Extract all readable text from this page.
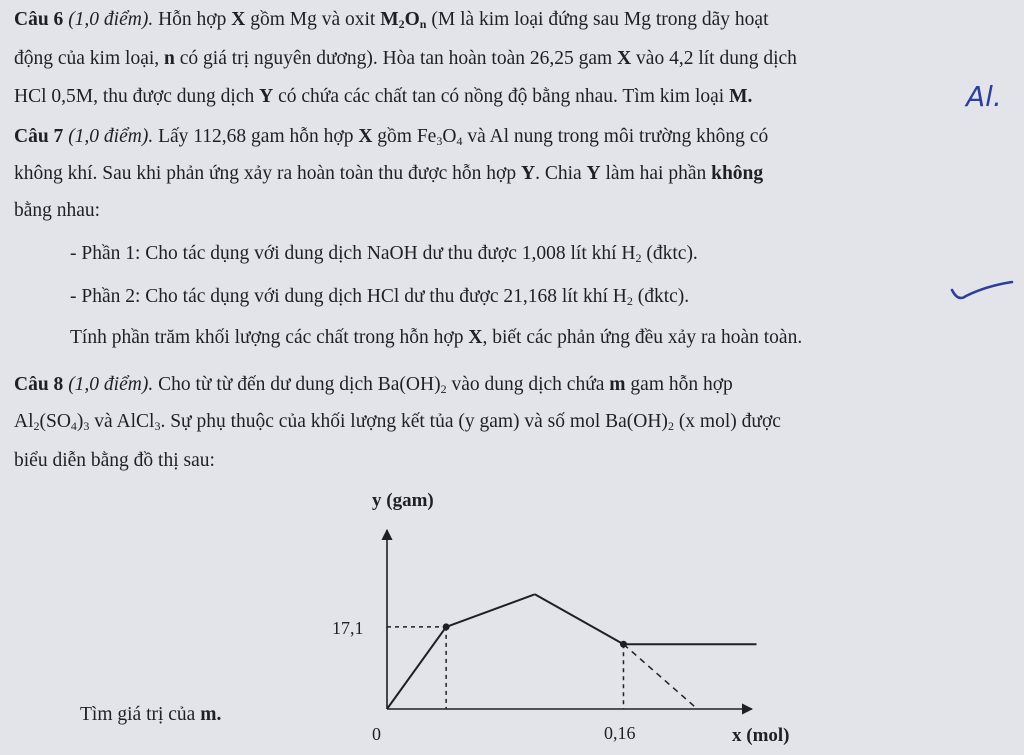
Câu 6 (1,0 điểm). Hỗn hợp X gồm Mg và oxit $M_2O_n$ (M là kim loại đứng sau Mg trong dãy hoạt

động của kim loại, n có giá trị nguyên dương). Hòa tan hoàn toàn 26,25 gam X vào 4,2 lít dung dịch

HCl 0,5M, thu được dung dịch Y có chứa các chất tan có nồng độ bằng nhau. Tìm kim loại M.	Al.

Câu 7 (1,0 điểm). Lấy 112,68 gam hỗn hợp X gồm $Fe_3O_4$ và Al nung trong môi trường không có

không khí. Sau khi phản ứng xảy ra hoàn toàn thu được hỗn hợp Y. Chia Y làm hai phần không

bằng nhau:

- Phần 1: Cho tác dụng với dung dịch NaOH dư thu được 1,008 lít khí $H_2$ (đktc).

- Phần 2: Cho tác dụng với dung dịch HCl dư thu được 21,168 lít khí $H_2$ (đktc).

Tính phần trăm khối lượng các chất trong hỗn hợp X, biết các phản ứng đều xảy ra hoàn toàn.

Câu 8 (1,0 điểm). Cho từ từ đến dư dung dịch $Ba(OH)_2$ vào dung dịch chứa m gam hỗn hợp

$Al_2(SO_4)_3$ và AlCl$_3$. Sự phụ thuộc của khối lượng kết tủa (y gam) và số mol $Ba(OH)_2$ (x mol) được

biểu diễn bằng đồ thị sau:

Tìm giá trị của m.

y (gam)
x (mol)
0	0,16
17,1
